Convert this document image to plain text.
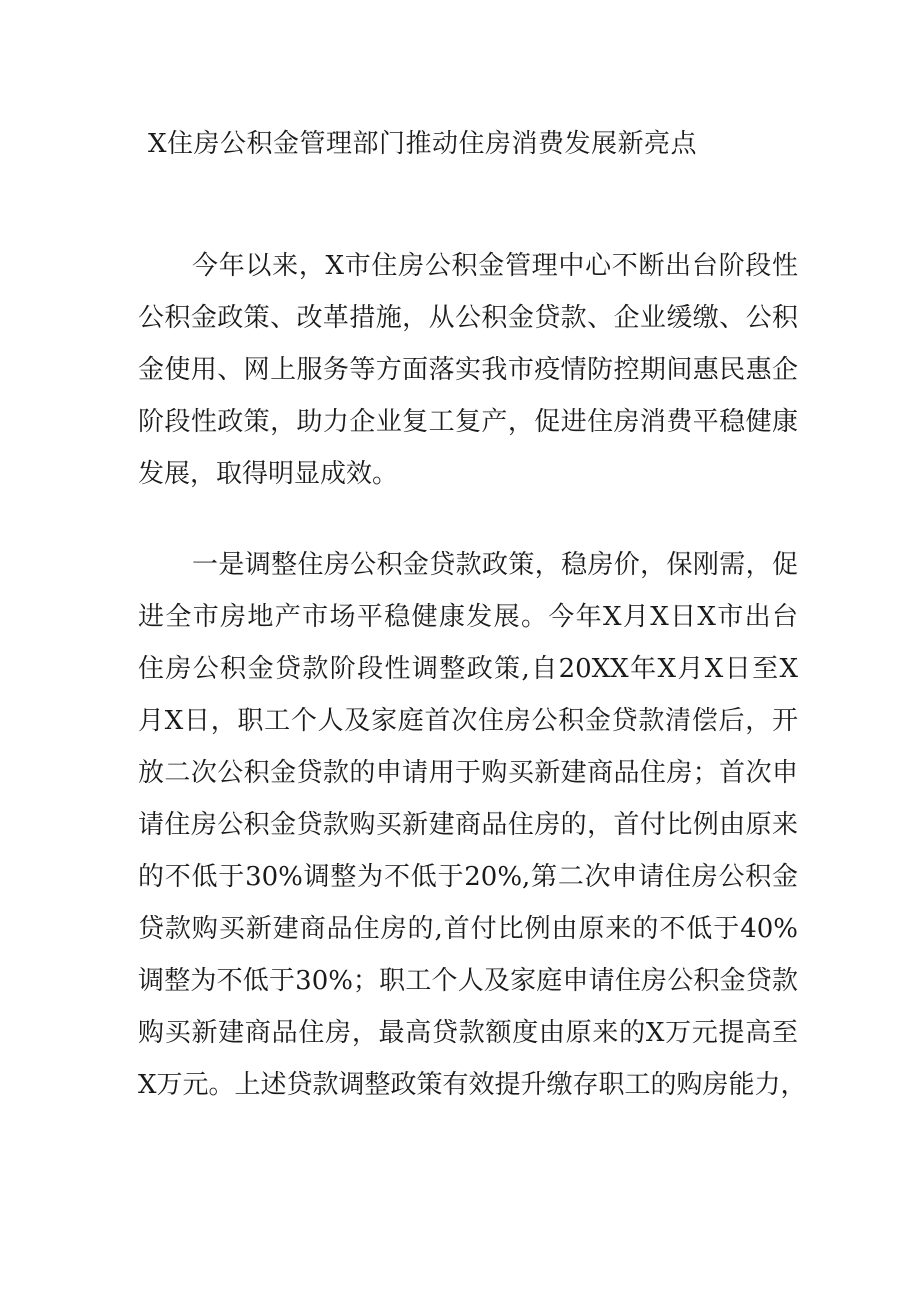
X住房公积金管理部门推动住房消费发展新亮点
今年以来，X市住房公积金管理中心不断出台阶段性
公积金政策、改革措施，从公积金贷款、企业缓缴、公积
金使用、网上服务等方面落实我市疫情防控期间惠民惠企
阶段性政策，助力企业复工复产，促进住房消费平稳健康
发展，取得明显成效。
一是调整住房公积金贷款政策，稳房价，保刚需，促
进全市房地产市场平稳健康发展。今年X月X日X市出台
住房公积金贷款阶段性调整政策,自20XX年X月X日至X
月X日，职工个人及家庭首次住房公积金贷款清偿后，开
放二次公积金贷款的申请用于购买新建商品住房；首次申
请住房公积金贷款购买新建商品住房的，首付比例由原来
的不低于30%调整为不低于20%,第二次申请住房公积金
贷款购买新建商品住房的,首付比例由原来的不低于40%
调整为不低于30%；职工个人及家庭申请住房公积金贷款
购买新建商品住房，最高贷款额度由原来的X万元提高至
X万元。上述贷款调整政策有效提升缴存职工的购房能力，
